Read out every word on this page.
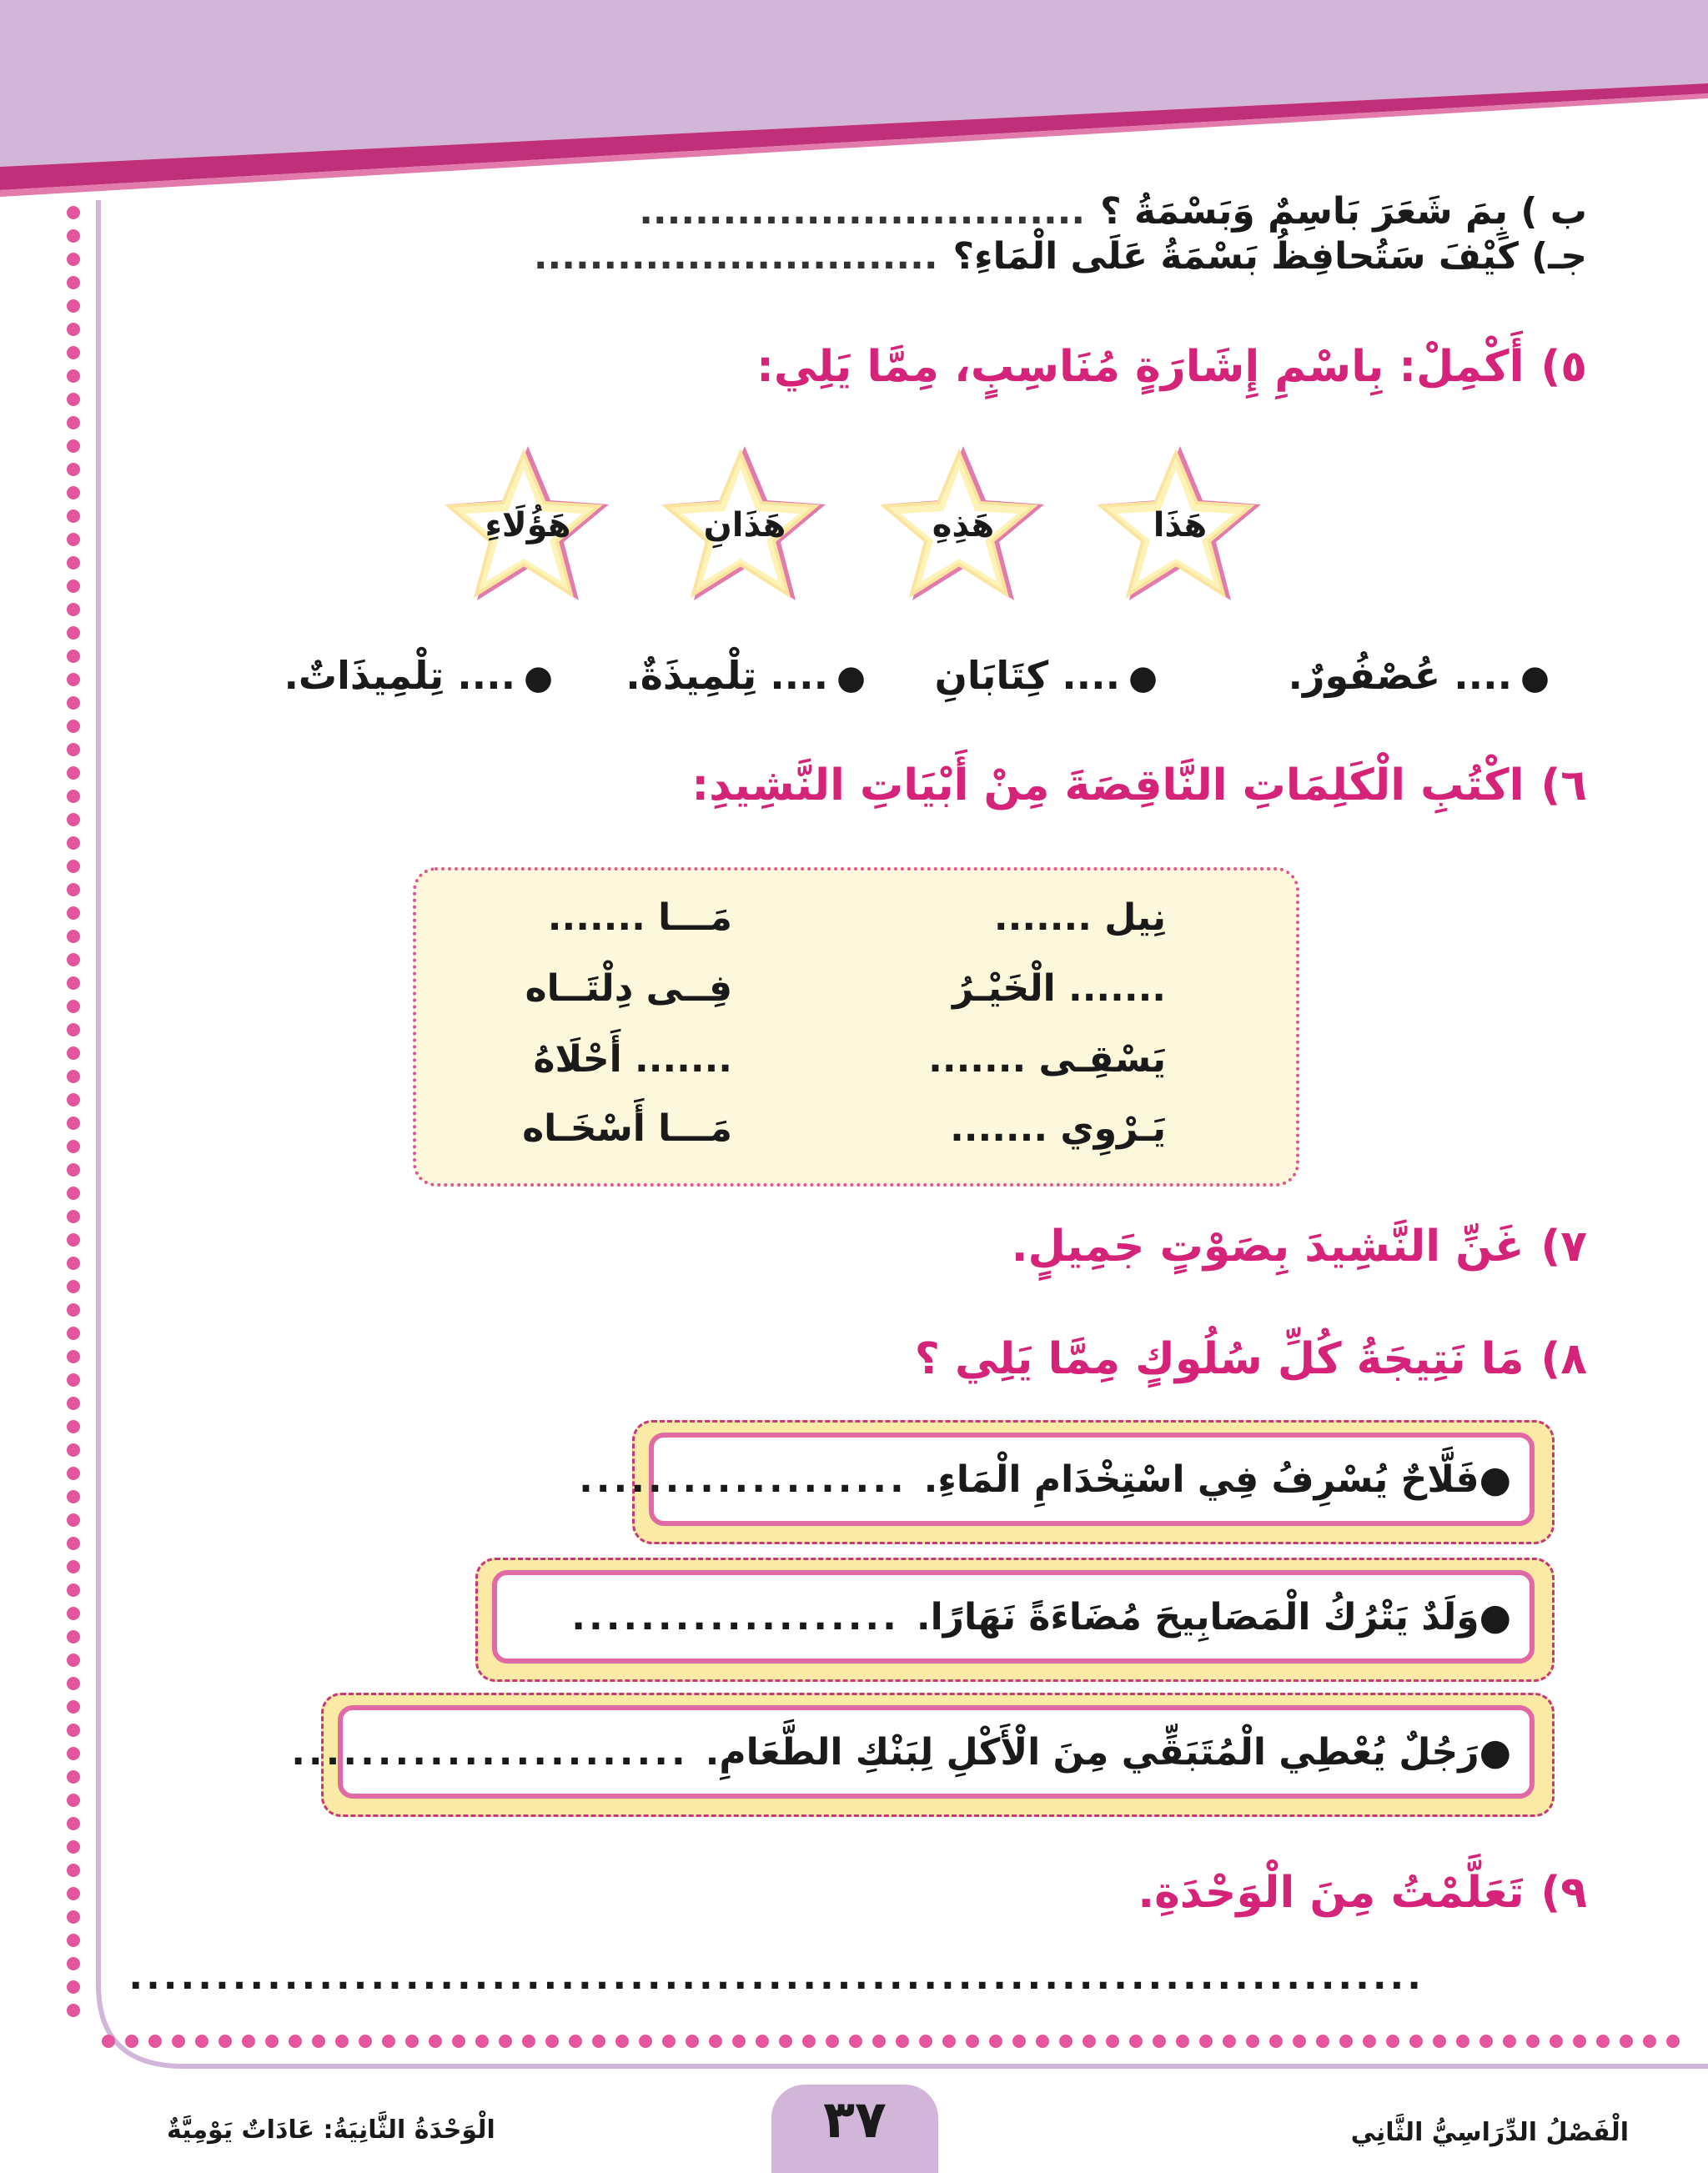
ب ) بِمَ شَعَرَ بَاسِمٌ وَبَسْمَةُ ؟................................
جـ) كَيْفَ سَتُحافِظُ بَسْمَةُ عَلَى الْمَاءِ؟.............................
٥)أَكْمِلْ: بِاسْمِ إِشَارَةٍ مُنَاسِبٍ، مِمَّا يَلِي:
هَذَا
هَذِهِ
هَذَانِ
هَؤُلَاءِ
●.... عُصْفُورٌ.
●.... كِتَابَانِ
●.... تِلْمِيذَةٌ.
●.... تِلْمِيذَاتٌ.
٦)اكْتُبِ الْكَلِمَاتِ النَّاقِصَةَ مِنْ أَبْيَاتِ النَّشِيدِ:
نِيل .......
مَـــا .......
....... الْخَيْـرُ
فِــى دِلْتَــاه
يَسْقِـى .......
....... أَحْلَاهُ
يَـرْوِي .......
مَـــا أَسْخَـاه
٧)غَنِّ النَّشِيدَ بِصَوْتٍ جَمِيلٍ.
٨)مَا نَتِيجَةُ كُلِّ سُلُوكٍ مِمَّا يَلِي ؟
●
فَلَّاحٌ يُسْرِفُ فِي اسْتِخْدَامِ الْمَاءِ.
...................
●
وَلَدٌ يَتْرُكُ الْمَصَابِيحَ مُضَاءَةً نَهَارًا.
...................
●
رَجُلٌ يُعْطِي الْمُتَبَقِّي مِنَ الْأَكْلِ لِبَنْكِ الطَّعَامِ.
.......................
٩)تَعَلَّمْتُ مِنَ الْوَحْدَةِ.
...........................................................................
٣٧	الْفَصْلُ الدِّرَاسِيُّ الثَّانِي
الْوَحْدَةُ الثَّانِيَةُ: عَادَاتٌ يَوْمِيَّةٌ
